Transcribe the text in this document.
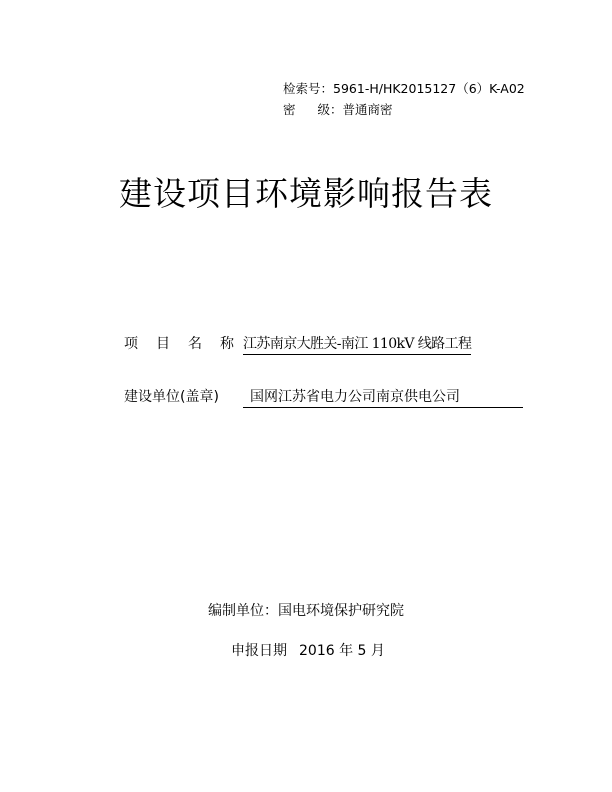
检索号：5961-H/HK2015127（6）K-A02
密 级：普通商密
建设项目环境影响报告表
项 目 名 称 江苏南京大胜关-南江 110kV 线路工程
建设单位(盖章)	国网江苏省电力公司南京供电公司
编制单位：国电环境保护研究院
申报日期 2016 年 5 月
